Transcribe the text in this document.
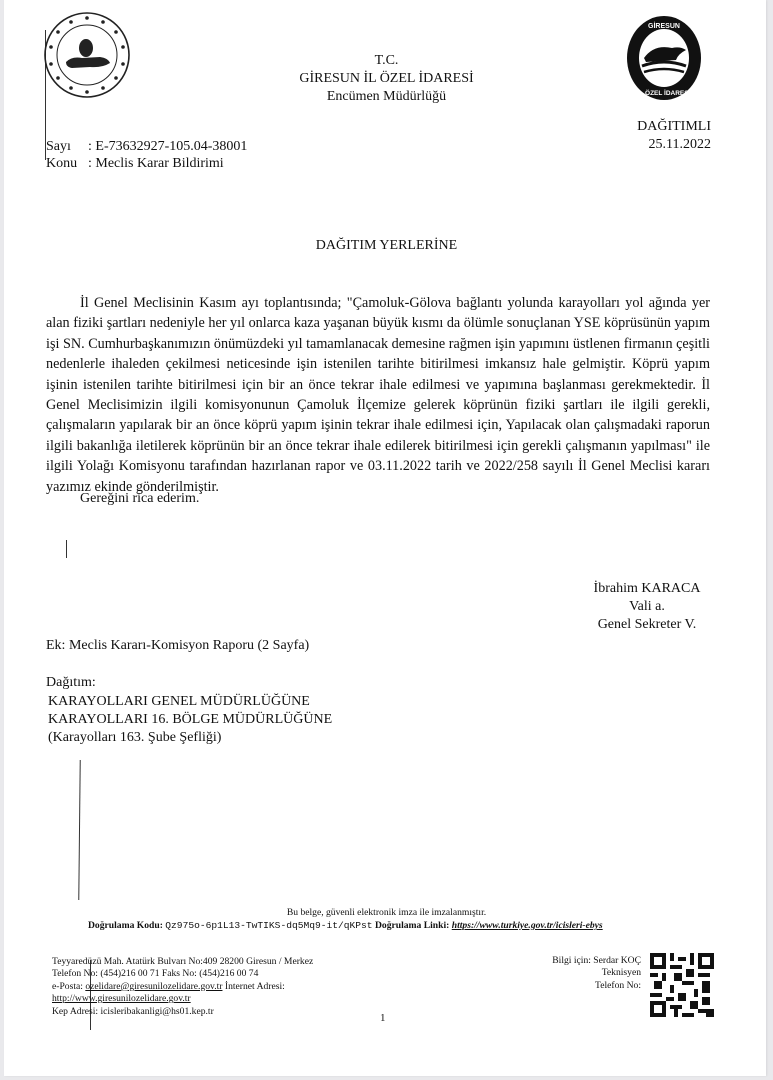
GİRESUN
İL ÖZEL İDARESİ
T.C.
GİRESUN İL ÖZEL İDARESİ
Encümen Müdürlüğü
DAĞITIMLI
25.11.2022
Sayı	: E-73632927-105.04-38001
Konu : Meclis Karar Bildirimi
DAĞITIM YERLERİNE
İl Genel Meclisinin Kasım ayı toplantısında; "Çamoluk-Gölova bağlantı yolunda karayolları yol ağında yer alan fiziki şartları nedeniyle her yıl onlarca kaza yaşanan büyük kısmı da ölümle sonuçlanan YSE köprüsünün yapım işi SN. Cumhurbaşkanımızın önümüzdeki yıl tamamlanacak demesine rağmen işin yapımını üstlenen firmanın çeşitli nedenlerle ihaleden çekilmesi neticesinde işin istenilen tarihte bitirilmesi imkansız hale gelmiştir. Köprü yapım işinin istenilen tarihte bitirilmesi için bir an önce tekrar ihale edilmesi ve yapımına başlanması gerekmektedir. İl Genel Meclisimizin ilgili komisyonunun Çamoluk İlçemize gelerek köprünün fiziki şartları ile ilgili gerekli, çalışmaların yapılarak bir an önce köprü yapım işinin tekrar ihale edilmesi için, Yapılacak olan çalışmadaki raporun ilgili bakanlığa iletilerek köprünün bir an önce tekrar ihale edilerek bitirilmesi için gerekli çalışmanın yapılması" ile ilgili Yolağı Komisyonu tarafından hazırlanan rapor ve 03.11.2022 tarih ve 2022/258 sayılı İl Genel Meclisi kararı yazımız ekinde gönderilmiştir.
Gereğini rica ederim.
İbrahim KARACA
Vali a.
Genel Sekreter V.
Ek: Meclis Kararı-Komisyon Raporu (2 Sayfa)
Dağıtım:
KARAYOLLARI GENEL MÜDÜRLÜĞÜNE
KARAYOLLARI 16. BÖLGE MÜDÜRLÜĞÜNE
(Karayolları 163. Şube Şefliği)
Bu belge, güvenli elektronik imza ile imzalanmıştır.
Doğrulama Kodu: Qz975o-6p1L13-TwTIKS-dq5Mq9-it/qKPst Doğrulama Linki: https://www.turkiye.gov.tr/icisleri-ebys
Teyyaredüzü Mah. Atatürk Bulvarı No:409 28200 Giresun / Merkez
Telefon No: (454)216 00 71 Faks No: (454)216 00 74
e-Posta: ozelidare@giresunilozelidare.gov.tr İnternet Adresi:
http://www.giresunilozelidare.gov.tr
Kep Adresi: icisleribakanligi@hs01.kep.tr
1
Bilgi için: Serdar KOÇ
Teknisyen
Telefon No:
